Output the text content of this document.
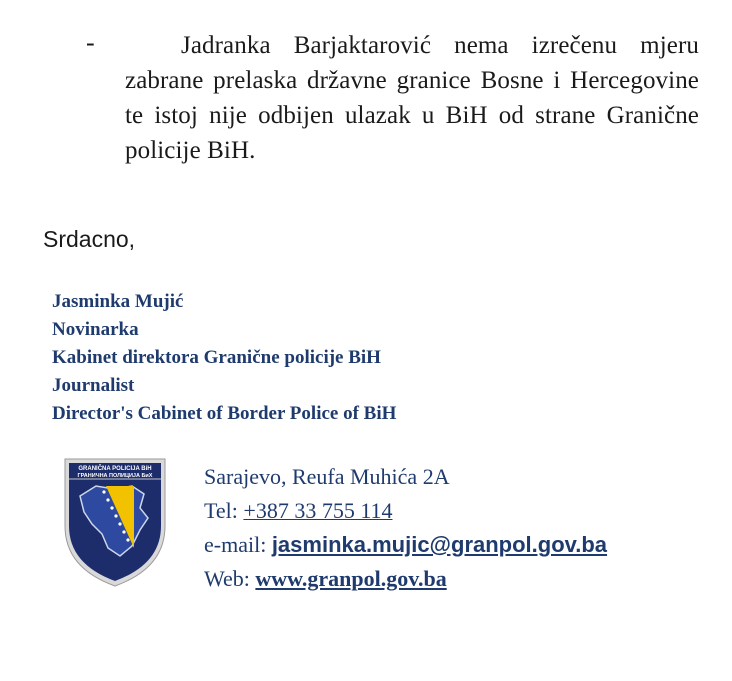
-	Jadranka Barjaktarović nema izrečenu mjeru zabrane prelaska državne granice Bosne i Hercegovine te istoj nije odbijen ulazak u BiH od strane Granične policije BiH.
Srdacno,
Jasminka Mujić
Novinarka
Kabinet direktora Granične policije BiH
Journalist
Director's Cabinet of Border Police of BiH
GRANIČNA POLICIJA BiH
ГРАНИЧНА ПОЛИЦИЈА БиХ Sarajevo, Reufa Muhića 2A
Tel: +387 33 755 114
e-mail: jasminka.mujic@granpol.gov.ba
Web: www.granpol.gov.ba
